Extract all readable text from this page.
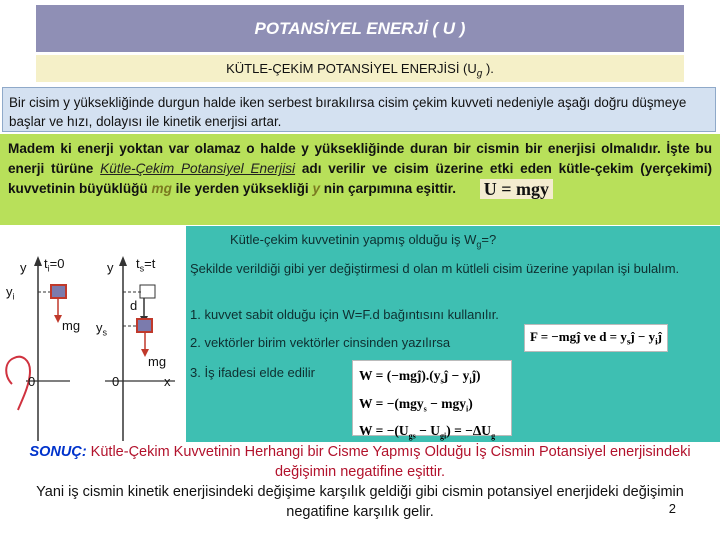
POTANSİYEL ENERJİ ( U )
KÜTLE-ÇEKİM POTANSİYEL ENERJİSİ ($U_g$ ).
Bir cisim y yüksekliğinde durgun halde iken serbest bırakılırsa cisim çekim kuvveti nedeniyle aşağı doğru düşmeye başlar ve hızı, dolayısı ile kinetik enerjisi artar.
Madem ki enerji yoktan var olamaz o halde y yüksekliğinde duran bir cismin bir enerjisi olmalıdır. İşte bu enerji türüne Kütle-Çekim Potansiyel Enerjisi adı verilir ve cisim üzerine etki eden kütle-çekim (yerçekimi) kuvvetinin büyüklüğü mg ile yerden yüksekliği y nin çarpımına eşittir. U = mgy
y $t_i=0$
$y_i$
mg
0
y $t_s=t$
d
$y_s$
mg
x
0
Kütle-çekim kuvvetinin yapmış olduğu iş $W_g=$?
Şekilde verildiği gibi yer değiştirmesi d olan m kütleli cisim üzerine yapılan işi bulalım.
1. kuvvet sabit olduğu için W=F.d bağıntısını kullanılır.
2. vektörler birim vektörler cinsinden yazılırsa	F = −mgĵ ve $d = y_sĵ$ − $y_iĵ$
3. İş ifadesi elde edilir	$W = (-mgĵ).(y_sĵ$ − $y_iĵ$)
W = −(mgy$_s$ − mgy$_i$)
$W = -(U_{gs} - U_{gi}) = -\Delta U_g$
SONUÇ: Kütle-Çekim Kuvvetinin Herhangi bir Cisme Yapmış Olduğu İş Cismin Potansiyel enerjisindeki değişimin negatifine eşittir.
Yani iş cismin kinetik enerjisindeki değişime karşılık geldiği gibi cismin potansiyel enerjideki değişimin negatifine karşılık gelir.	2
